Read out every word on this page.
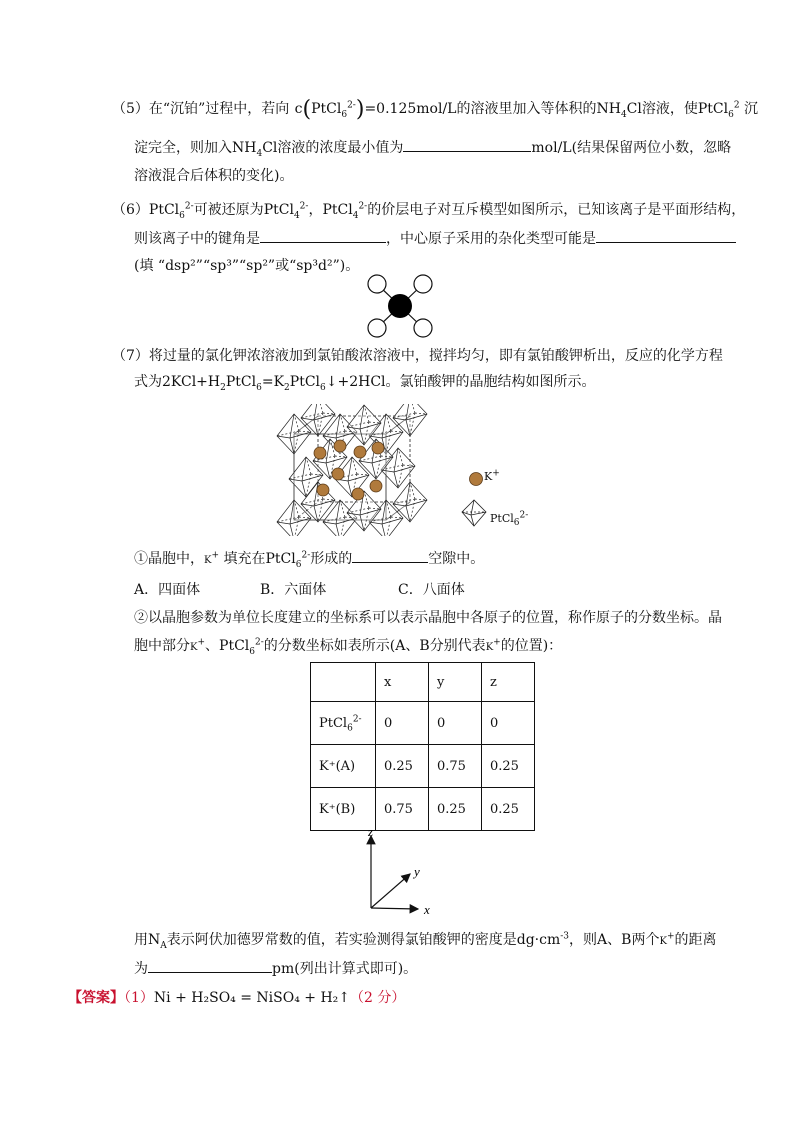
（5）在“沉铂”过程中，若向 c(PtCl$_6^{2-}$)=0.125mol/L的溶液里加入等体积的$NH_4Cl$溶液，使PtCl$_6^2$ 沉
淀完全，则加入$NH_4Cl$溶液的浓度最小值为	mol/L(结果保留两位小数，忽略
溶液混合后体积的变化)。
（6）PtCl$_6^{2-}$可被还原为PtCl$_4^{2-}$，PtCl$_4^{2-}$的价层电子对互斥模型如图所示，已知该离子是平面形结构，
则该离子中的键角是	，中心原子采用的杂化类型可能是
(填 “dsp²”“sp³”“sp²”或“sp³d²”)。
（7）将过量的氯化钾浓溶液加到氯铂酸浓溶液中，搅拌均匀，即有氯铂酸钾析出，反应的化学方程
式为$2KCl+H_2PtCl_6=K_2PtCl_6↓+2HCl$。氯铂酸钾的晶胞结构如图所示。
K+
PtCl$_6^{2-}$
①晶胞中，K+ 填充在PtCl$_6^{2-}$形成的	空隙中。
A．四面体	B．六面体	C．八面体
②以晶胞参数为单位长度建立的坐标系可以表示晶胞中各原子的位置，称作原子的分数坐标。晶
胞中部分K+、PtCl$_6^{2-}$的分数坐标如表所示(A、B分别代表K+的位置)：
	x	y	z
PtCl$_6^{2-}$	0	0	0
K⁺(A)	0.25	0.75	0.25
K⁺(B)	0.75	0.25	0.25
z
y
x
用$N_A$表示阿伏加德罗常数的值，若实验测得氯铂酸钾的密度是$dg\cdot cm^{-3}$，则A、B两个K+的距离
为	pm(列出计算式即可)。
【答案】（1）Ni + H₂SO₄ = NiSO₄ + H₂↑（2 分）
